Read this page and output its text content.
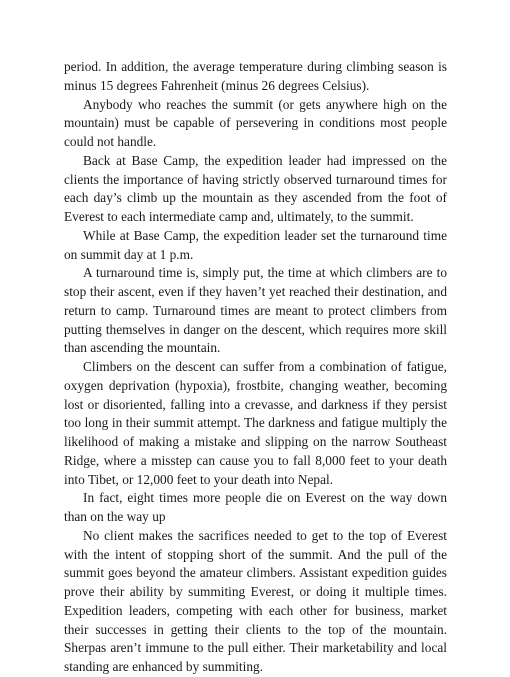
period. In addition, the average temperature during climbing season is minus 15 degrees Fahrenheit (minus 26 degrees Celsius).

Anybody who reaches the summit (or gets anywhere high on the mountain) must be capable of persevering in conditions most people could not handle.

Back at Base Camp, the expedition leader had impressed on the clients the importance of having strictly observed turnaround times for each day’s climb up the mountain as they ascended from the foot of Everest to each intermediate camp and, ultimately, to the summit.

While at Base Camp, the expedition leader set the turnaround time on summit day at 1 p.m.

A turnaround time is, simply put, the time at which climbers are to stop their ascent, even if they haven’t yet reached their destination, and return to camp. Turnaround times are meant to protect climbers from putting themselves in danger on the descent, which requires more skill than ascending the mountain.

Climbers on the descent can suffer from a combination of fatigue, oxygen deprivation (hypoxia), frostbite, changing weather, becoming lost or disoriented, falling into a crevasse, and darkness if they persist too long in their summit attempt. The darkness and fatigue multiply the likelihood of making a mistake and slipping on the narrow Southeast Ridge, where a misstep can cause you to fall 8,000 feet to your death into Tibet, or 12,000 feet to your death into Nepal.

In fact, eight times more people die on Everest on the way down than on the way up

No client makes the sacrifices needed to get to the top of Everest with the intent of stopping short of the summit. And the pull of the summit goes beyond the amateur climbers. Assistant expedition guides prove their ability by summiting Everest, or doing it multiple times. Expedition leaders, competing with each other for business, market their successes in getting their clients to the top of the mountain. Sherpas aren’t immune to the pull either. Their marketability and local standing are enhanced by summiting.
